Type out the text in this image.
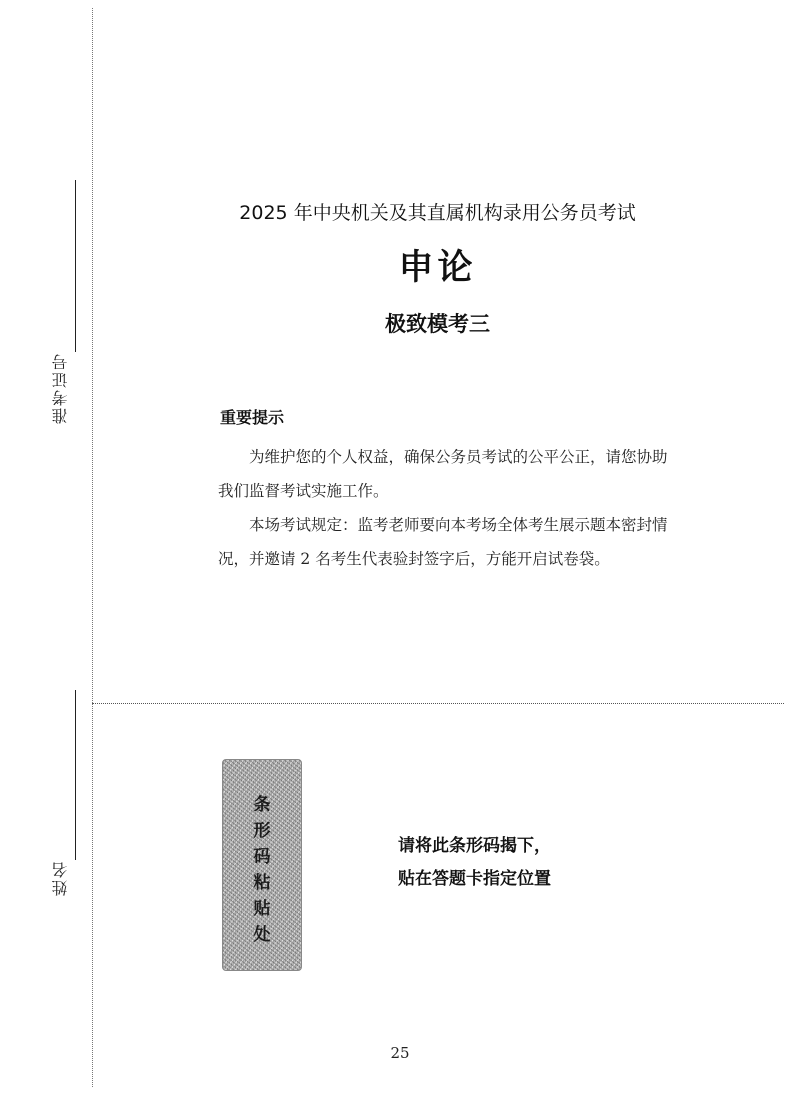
准考证号
姓名
2025 年中央机关及其直属机构录用公务员考试
申论
极致模考三
重要提示

为维护您的个人权益，确保公务员考试的公平公正，请您协助我们监督考试实施工作。

本场考试规定：监考老师要向本考场全体考生展示题本密封情况，并邀请 2 名考生代表验封签字后，方能开启试卷袋。

条
形
码
粘
贴
处
请将此条形码揭下，
贴在答题卡指定位置
25
